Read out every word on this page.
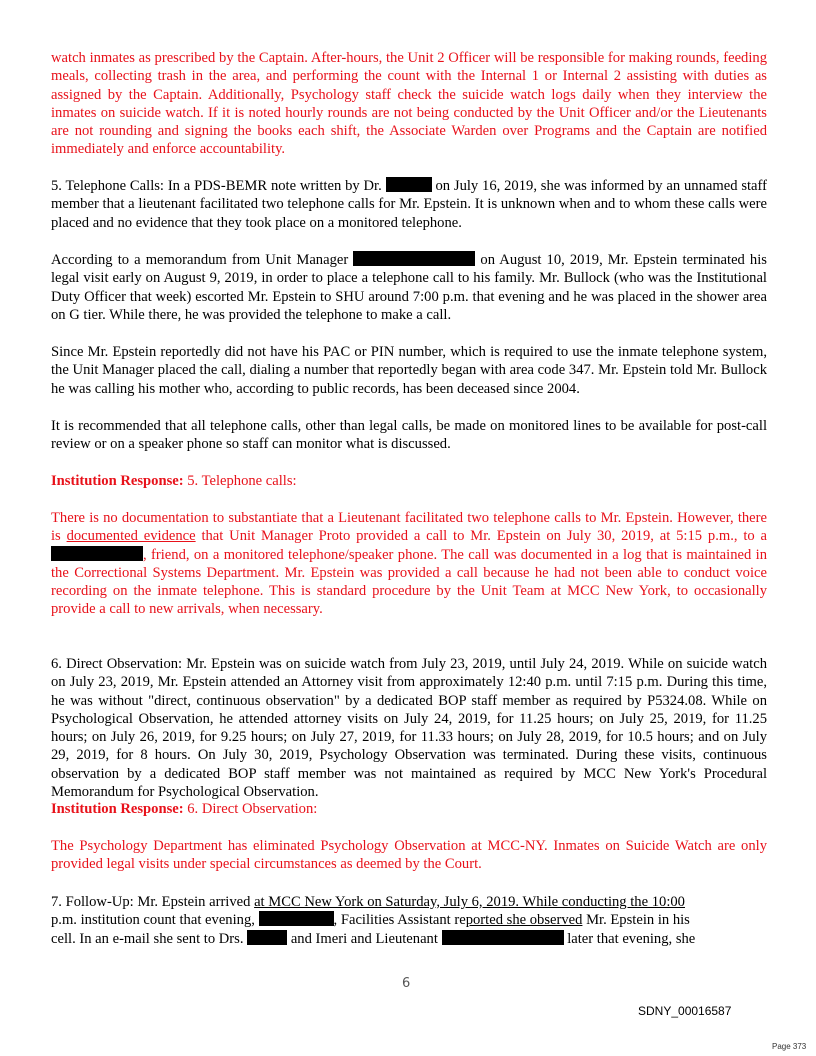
watch inmates as prescribed by the Captain. After-hours, the Unit 2 Officer will be responsible for making rounds, feeding meals, collecting trash in the area, and performing the count with the Internal 1 or Internal 2 assisting with duties as assigned by the Captain. Additionally, Psychology staff check the suicide watch logs daily when they interview the inmates on suicide watch. If it is noted hourly rounds are not being conducted by the Unit Officer and/or the Lieutenants are not rounding and signing the books each shift, the Associate Warden over Programs and the Captain are notified immediately and enforce accountability.

5. Telephone Calls: In a PDS-BEMR note written by Dr.	on July 16, 2019, she was informed by an unnamed staff member that a lieutenant facilitated two telephone calls for Mr. Epstein. It is unknown when and to whom these calls were placed and no evidence that they took place on a monitored telephone.

According to a memorandum from Unit Manager	on August 10, 2019, Mr. Epstein terminated his legal visit early on August 9, 2019, in order to place a telephone call to his family. Mr. Bullock (who was the Institutional Duty Officer that week) escorted Mr. Epstein to SHU around 7:00 p.m. that evening and he was placed in the shower area on G tier. While there, he was provided the telephone to make a call.

Since Mr. Epstein reportedly did not have his PAC or PIN number, which is required to use the inmate telephone system, the Unit Manager placed the call, dialing a number that reportedly began with area code 347. Mr. Epstein told Mr. Bullock he was calling his mother who, according to public records, has been deceased since 2004.

It is recommended that all telephone calls, other than legal calls, be made on monitored lines to be available for post-call review or on a speaker phone so staff can monitor what is discussed.

Institution Response: 5. Telephone calls:

There is no documentation to substantiate that a Lieutenant facilitated two telephone calls to Mr. Epstein. However, there is documented evidence that Unit Manager Proto provided a call to Mr. Epstein on July 30, 2019, at 5:15 p.m., to a , friend, on a monitored telephone/speaker phone. The call was documented in a log that is maintained in the Correctional Systems Department. Mr. Epstein was provided a call because he had not been able to conduct voice recording on the inmate telephone. This is standard procedure by the Unit Team at MCC New York, to occasionally provide a call to new arrivals, when necessary.

6. Direct Observation: Mr. Epstein was on suicide watch from July 23, 2019, until July 24, 2019. While on suicide watch on July 23, 2019, Mr. Epstein attended an Attorney visit from approximately 12:40 p.m. until 7:15 p.m. During this time, he was without "direct, continuous observation" by a dedicated BOP staff member as required by P5324.08. While on Psychological Observation, he attended attorney visits on July 24, 2019, for 11.25 hours; on July 25, 2019, for 11.25 hours; on July 26, 2019, for 9.25 hours; on July 27, 2019, for 11.33 hours; on July 28, 2019, for 10.5 hours; and on July 29, 2019, for 8 hours. On July 30, 2019, Psychology Observation was terminated. During these visits, continuous observation by a dedicated BOP staff member was not maintained as required by MCC New York's Procedural Memorandum for Psychological Observation.

Institution Response: 6. Direct Observation:

The Psychology Department has eliminated Psychology Observation at MCC-NY. Inmates on Suicide Watch are only provided legal visits under special circumstances as deemed by the Court.

7. Follow-Up: Mr. Epstein arrived at MCC New York on Saturday, July 6, 2019. While conducting the 10:00
p.m. institution count that evening,	, Facilities Assistant reported she observed Mr. Epstein in his
cell. In an e-mail she sent to Drs.	and Imeri and Lieutenant	later that evening, she
6
SDNY_00016587
Page 373
